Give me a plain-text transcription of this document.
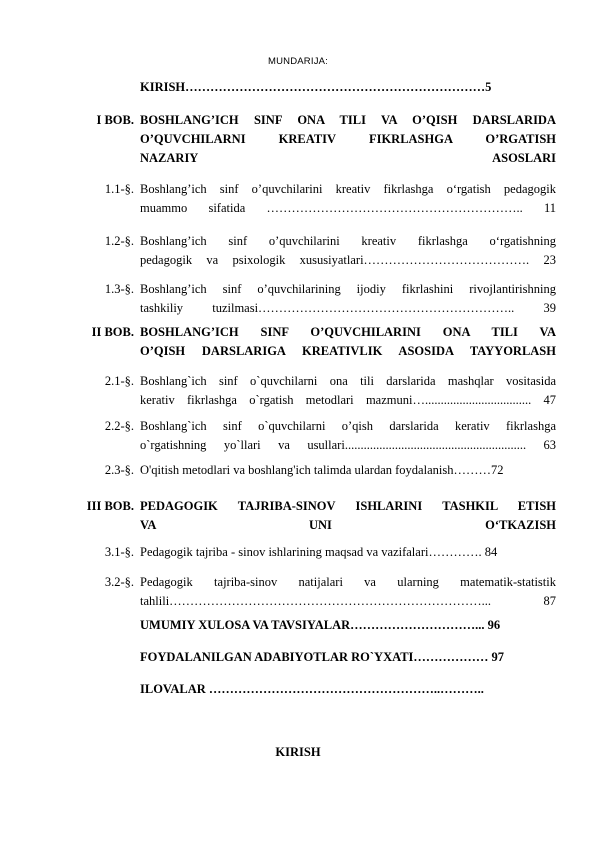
MUNDARIJA:
KIRISH………………………………………………………………5
I BOB. BOSHLANG’ICH SINF ONA TILI VA O’QISH DARSLARIDA
O’QUVCHILARNI KREATIV FIKRLASHGA O’RGATISH
NAZARIY ASOSLARI
1.1-§. Boshlang’ich sinf o’quvchilarini kreativ fikrlashga o‘rgatish pedagogik
muammo sifatida …………………………………………………….. 11
1.2-§. Boshlang’ich sinf o’quvchilarini kreativ fikrlashga o‘rgatishning
pedagogik va psixologik xususiyatlari…………………………………. 23
1.3-§. Boshlang’ich sinf o’quvchilarining ijodiy fikrlashini rivojlantirishning
tashkiliy tuzilmasi…………………………………………………….. 39
II BOB. BOSHLANG’ICH SINF O’QUVCHILARINI ONA TILI VA
O’QISH DARSLARIGA KREATIVLIK ASOSIDA TAYYORLASH
2.1-§. Boshlang`ich sinf o`quvchilarni ona tili darslarida mashqlar vositasida
kerativ fikrlashga o`rgatish metodlari mazmuni….................................. 47
2.2-§. Boshlang`ich sinf o`quvchilarni o’qish darslarida kerativ fikrlashga
o`rgatishning yo`llari va usullari.......................................................... 63
2.3-§. O'qitish metodlari va boshlang'ich talimda ulardan foydalanish………72
III BOB. PEDAGOGIK TAJRIBA-SINOV ISHLARINI TASHKIL ETISH
VA UNI O‘TKAZISH
3.1-§. Pedagogik tajriba - sinov ishlarining maqsad va vazifalari…………. 84
3.2-§. Pedagogik tajriba-sinov natijalari va ularning matematik-statistik
tahlili…………………………………………………………………... 87
UMUMIY XULOSA VA TAVSIYALAR…………………………... 96
FOYDALANILGAN ADABIYOTLAR RO`YXATI……………… 97
ILOVALAR ………………………………………………..………..
KIRISH
